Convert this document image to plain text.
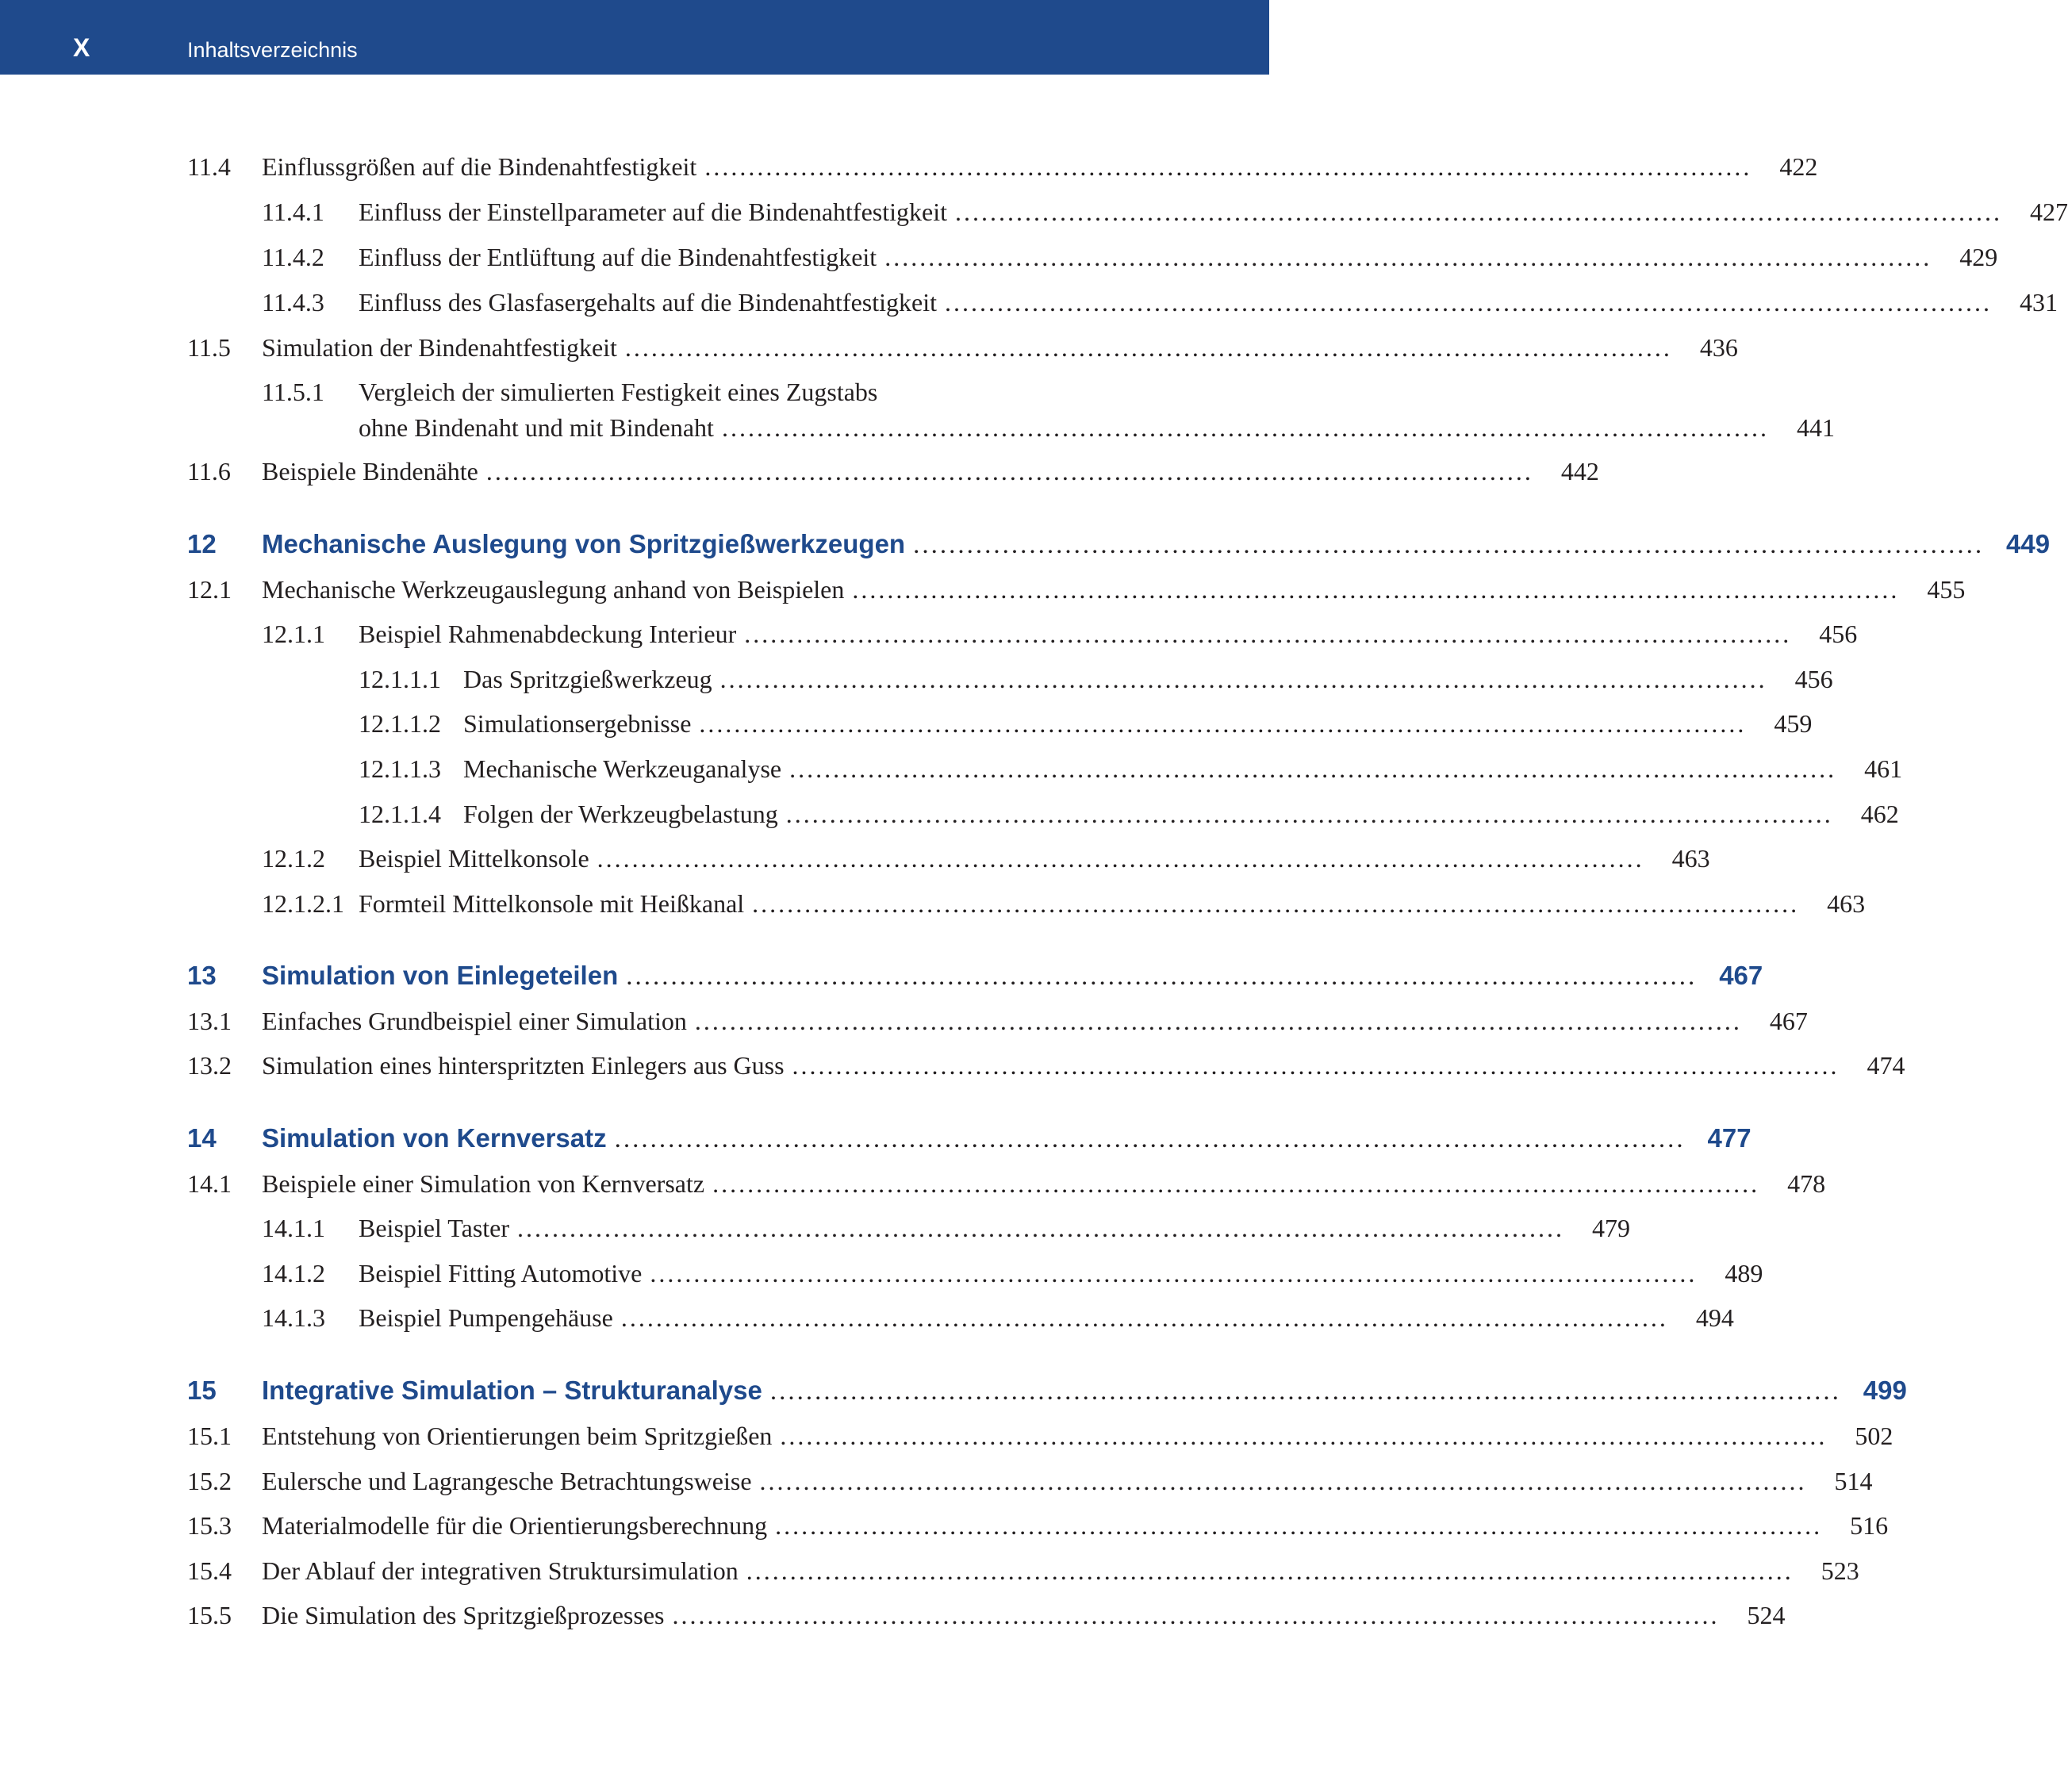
X	Inhaltsverzeichnis
11.4 Einflussgrößen auf die Bindenahtfestigkeit ........................................................................................................................	422
11.4.1 Einfluss der Einstellparameter auf die Bindenahtfestigkeit ........................................................................................................................	427
11.4.2 Einfluss der Entlüftung auf die Bindenahtfestigkeit ........................................................................................................................	429
11.4.3 Einfluss des Glasfasergehalts auf die Bindenahtfestigkeit ........................................................................................................................	431
11.5 Simulation der Bindenahtfestigkeit ........................................................................................................................	436
11.5.1 Vergleich der simulierten Festigkeit eines Zugstabs
ohne Bindenaht und mit Bindenaht ........................................................................................................................	441
11.6 Beispiele Bindenähte ........................................................................................................................	442
12 Mechanische Auslegung von Spritzgießwerkzeugen ........................................................................................................................ 449
12.1 Mechanische Werkzeugauslegung anhand von Beispielen ........................................................................................................................	455
12.1.1 Beispiel Rahmenabdeckung Interieur ........................................................................................................................	456
12.1.1.1 Das Spritzgießwerkzeug ........................................................................................................................	456
12.1.1.2 Simulationsergebnisse ........................................................................................................................	459
12.1.1.3 Mechanische Werkzeuganalyse ........................................................................................................................	461
12.1.1.4 Folgen der Werkzeugbelastung ........................................................................................................................	462
12.1.2 Beispiel Mittelkonsole ........................................................................................................................	463
12.1.2.1 Formteil Mittelkonsole mit Heißkanal ........................................................................................................................	463
13 Simulation von Einlegeteilen ........................................................................................................................ 467
13.1 Einfaches Grundbeispiel einer Simulation ........................................................................................................................	467
13.2 Simulation eines hinterspritzten Einlegers aus Guss ........................................................................................................................	474
14 Simulation von Kernversatz ........................................................................................................................ 477
14.1 Beispiele einer Simulation von Kernversatz ........................................................................................................................	478
14.1.1 Beispiel Taster ........................................................................................................................	479
14.1.2 Beispiel Fitting Automotive ........................................................................................................................	489
14.1.3 Beispiel Pumpengehäuse ........................................................................................................................	494
15 Integrative Simulation – Strukturanalyse ........................................................................................................................ 499
15.1 Entstehung von Orientierungen beim Spritzgießen ........................................................................................................................	502
15.2 Eulersche und Lagrangesche Betrachtungsweise ........................................................................................................................	514
15.3 Materialmodelle für die Orientierungsberechnung ........................................................................................................................	516
15.4 Der Ablauf der integrativen Struktursimulation ........................................................................................................................	523
15.5 Die Simulation des Spritzgießprozesses ........................................................................................................................	524
